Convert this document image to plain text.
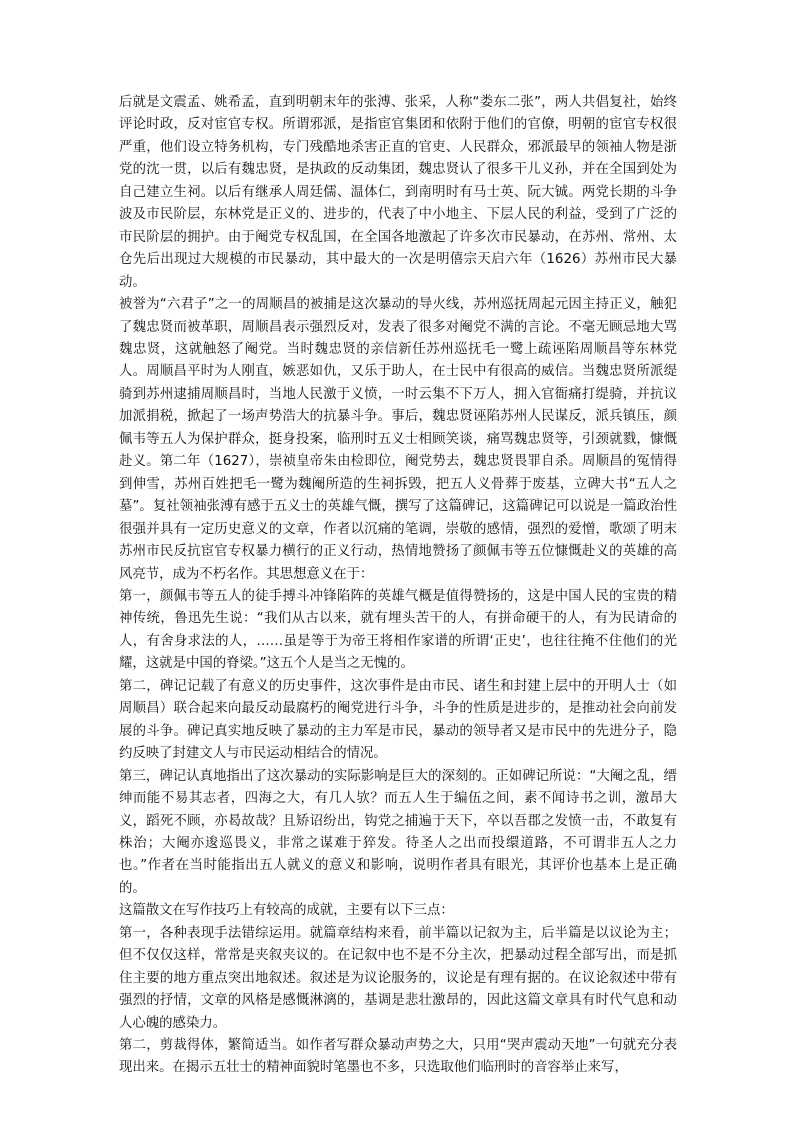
后就是文震孟、姚希孟，直到明朝末年的张溥、张采，人称“娄东二张”，两人共倡复社，始终评论时政，反对宦官专权。所谓邪派，是指宦官集团和依附于他们的官僚，明朝的宦官专权很严重，他们设立特务机构，专门残酷地杀害正直的官吏、人民群众，邪派最早的领袖人物是浙党的沈一贯，以后有魏忠贤，是执政的反动集团，魏忠贤认了很多干儿义孙，并在全国到处为自己建立生祠。以后有继承人周廷儒、温体仁，到南明时有马士英、阮大铖。两党长期的斗争波及市民阶层，东林党是正义的、进步的，代表了中小地主、下层人民的利益，受到了广泛的市民阶层的拥护。由于阉党专权乱国，在全国各地激起了许多次市民暴动，在苏州、常州、太仓先后出现过大规模的市民暴动，其中最大的一次是明僖宗天启六年（1626）苏州市民大暴动。

被誉为“六君子”之一的周顺昌的被捕是这次暴动的导火线，苏州巡抚周起元因主持正义，触犯了魏忠贤而被革职，周顺昌表示强烈反对，发表了很多对阉党不满的言论。不毫无顾忌地大骂魏忠贤，这就触怒了阉党。当时魏忠贤的亲信新任苏州巡抚毛一鹭上疏诬陷周顺昌等东林党人。周顺昌平时为人刚直，嫉恶如仇，又乐于助人，在士民中有很高的威信。当魏忠贤所派缇骑到苏州逮捕周顺昌时，当地人民激于义愤，一时云集不下万人，拥入官衙痛打缇骑，并抗议加派捐税，掀起了一场声势浩大的抗暴斗争。事后，魏忠贤诬陷苏州人民谋反，派兵镇压，颜佩韦等五人为保护群众，挺身投案，临刑时五义士相顾笑谈，痛骂魏忠贤等，引颈就戮，慷慨赴义。第二年（1627），崇祯皇帝朱由检即位，阉党势去，魏忠贤畏罪自杀。周顺昌的冤情得到伸雪，苏州百姓把毛一鹭为魏阉所造的生祠拆毁，把五人义骨葬于废基，立碑大书“五人之墓”。复社领袖张溥有感于五义士的英雄气慨，撰写了这篇碑记，这篇碑记可以说是一篇政治性很强并具有一定历史意义的文章，作者以沉痛的笔调，崇敬的感情，强烈的爱憎，歌颂了明末苏州市民反抗宦官专权暴力横行的正义行动，热情地赞扬了颜佩韦等五位慷慨赴义的英雄的高风亮节，成为不朽名作。其思想意义在于：

第一，颜佩韦等五人的徒手搏斗冲锋陷阵的英雄气概是值得赞扬的，这是中国人民的宝贵的精神传统，鲁迅先生说：“我们从古以来，就有埋头苦干的人，有拼命硬干的人，有为民请命的人，有舍身求法的人，……虽是等于为帝王将相作家谱的所谓‘正史’，也往往掩不住他们的光耀，这就是中国的脊梁。”这五个人是当之无愧的。

第二，碑记记载了有意义的历史事件，这次事件是由市民、诸生和封建上层中的开明人士（如周顺昌）联合起来向最反动最腐朽的阉党进行斗争，斗争的性质是进步的，是推动社会向前发展的斗争。碑记真实地反映了暴动的主力军是市民，暴动的领导者又是市民中的先进分子，隐约反映了封建文人与市民运动相结合的情况。

第三，碑记认真地指出了这次暴动的实际影响是巨大的深刻的。正如碑记所说：“大阉之乱，缙绅而能不易其志者，四海之大，有几人欤？而五人生于编伍之间，素不闻诗书之训，激昂大义，蹈死不顾，亦曷故哉？且矫诏纷出，钩党之捕遍于天下，卒以吾郡之发愤一击，不敢复有株治；大阉亦逡巡畏义，非常之谋难于猝发。待圣人之出而投缳道路，不可谓非五人之力也。”作者在当时能指出五人就义的意义和影响，说明作者具有眼光，其评价也基本上是正确的。

这篇散文在写作技巧上有较高的成就，主要有以下三点：

第一，各种表现手法错综运用。就篇章结构来看，前半篇以记叙为主，后半篇是以议论为主；但不仅仅这样，常常是夹叙夹议的。在记叙中也不是不分主次，把暴动过程全部写出，而是抓住主要的地方重点突出地叙述。叙述是为议论服务的，议论是有理有据的。在议论叙述中带有强烈的抒情，文章的风格是感慨淋漓的，基调是悲壮激昂的，因此这篇文章具有时代气息和动人心魄的感染力。

第二，剪裁得体，繁简适当。如作者写群众暴动声势之大，只用“哭声震动天地”一句就充分表现出来。在揭示五壮士的精神面貌时笔墨也不多，只选取他们临刑时的音容举止来写，
